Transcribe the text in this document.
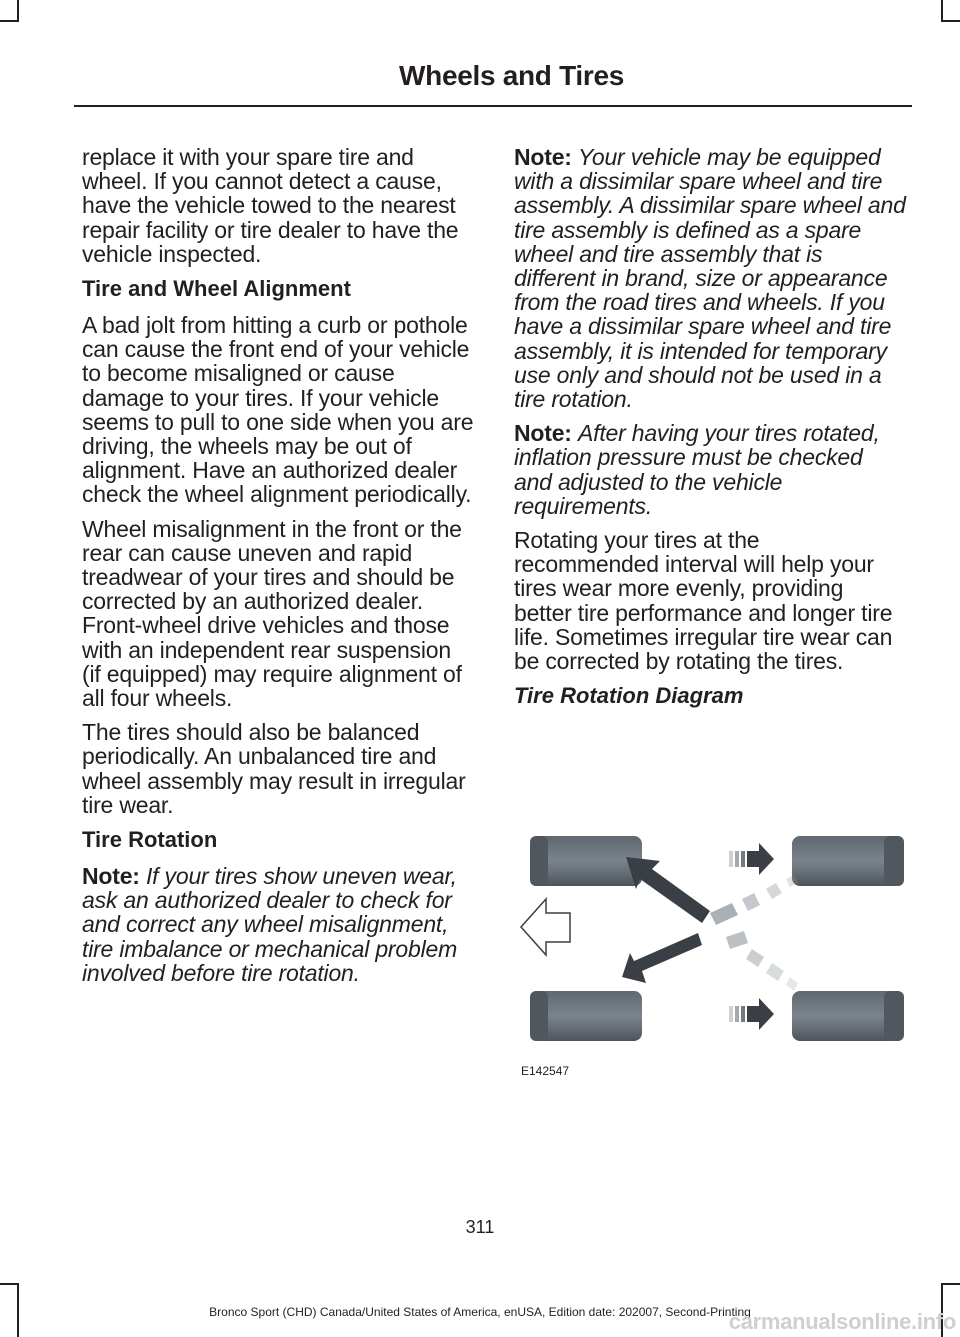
Wheels and Tires

replace it with your spare tire and wheel. If you cannot detect a cause, have the vehicle towed to the nearest repair facility or tire dealer to have the vehicle inspected.

Tire and Wheel Alignment

A bad jolt from hitting a curb or pothole can cause the front end of your vehicle to become misaligned or cause damage to your tires. If your vehicle seems to pull to one side when you are driving, the wheels may be out of alignment. Have an authorized dealer check the wheel alignment periodically.

Wheel misalignment in the front or the rear can cause uneven and rapid treadwear of your tires and should be corrected by an authorized dealer. Front-wheel drive vehicles and those with an independent rear suspension (if equipped) may require alignment of all four wheels.

The tires should also be balanced periodically. An unbalanced tire and wheel assembly may result in irregular tire wear.

Tire Rotation

Note: If your tires show uneven wear, ask an authorized dealer to check for and correct any wheel misalignment, tire imbalance or mechanical problem involved before tire rotation.

Note: Your vehicle may be equipped with a dissimilar spare wheel and tire assembly. A dissimilar spare wheel and tire assembly is defined as a spare wheel and tire assembly that is different in brand, size or appearance from the road tires and wheels. If you have a dissimilar spare wheel and tire assembly, it is intended for temporary use only and should not be used in a tire rotation.

Note: After having your tires rotated, inflation pressure must be checked and adjusted to the vehicle requirements.

Rotating your tires at the recommended interval will help your tires wear more evenly, providing better tire performance and longer tire life. Sometimes irregular tire wear can be corrected by rotating the tires.

Tire Rotation Diagram
E142547
311
Bronco Sport (CHD) Canada/United States of America, enUSA, Edition date: 202007, Second-Printing
carmanualsonline.info
